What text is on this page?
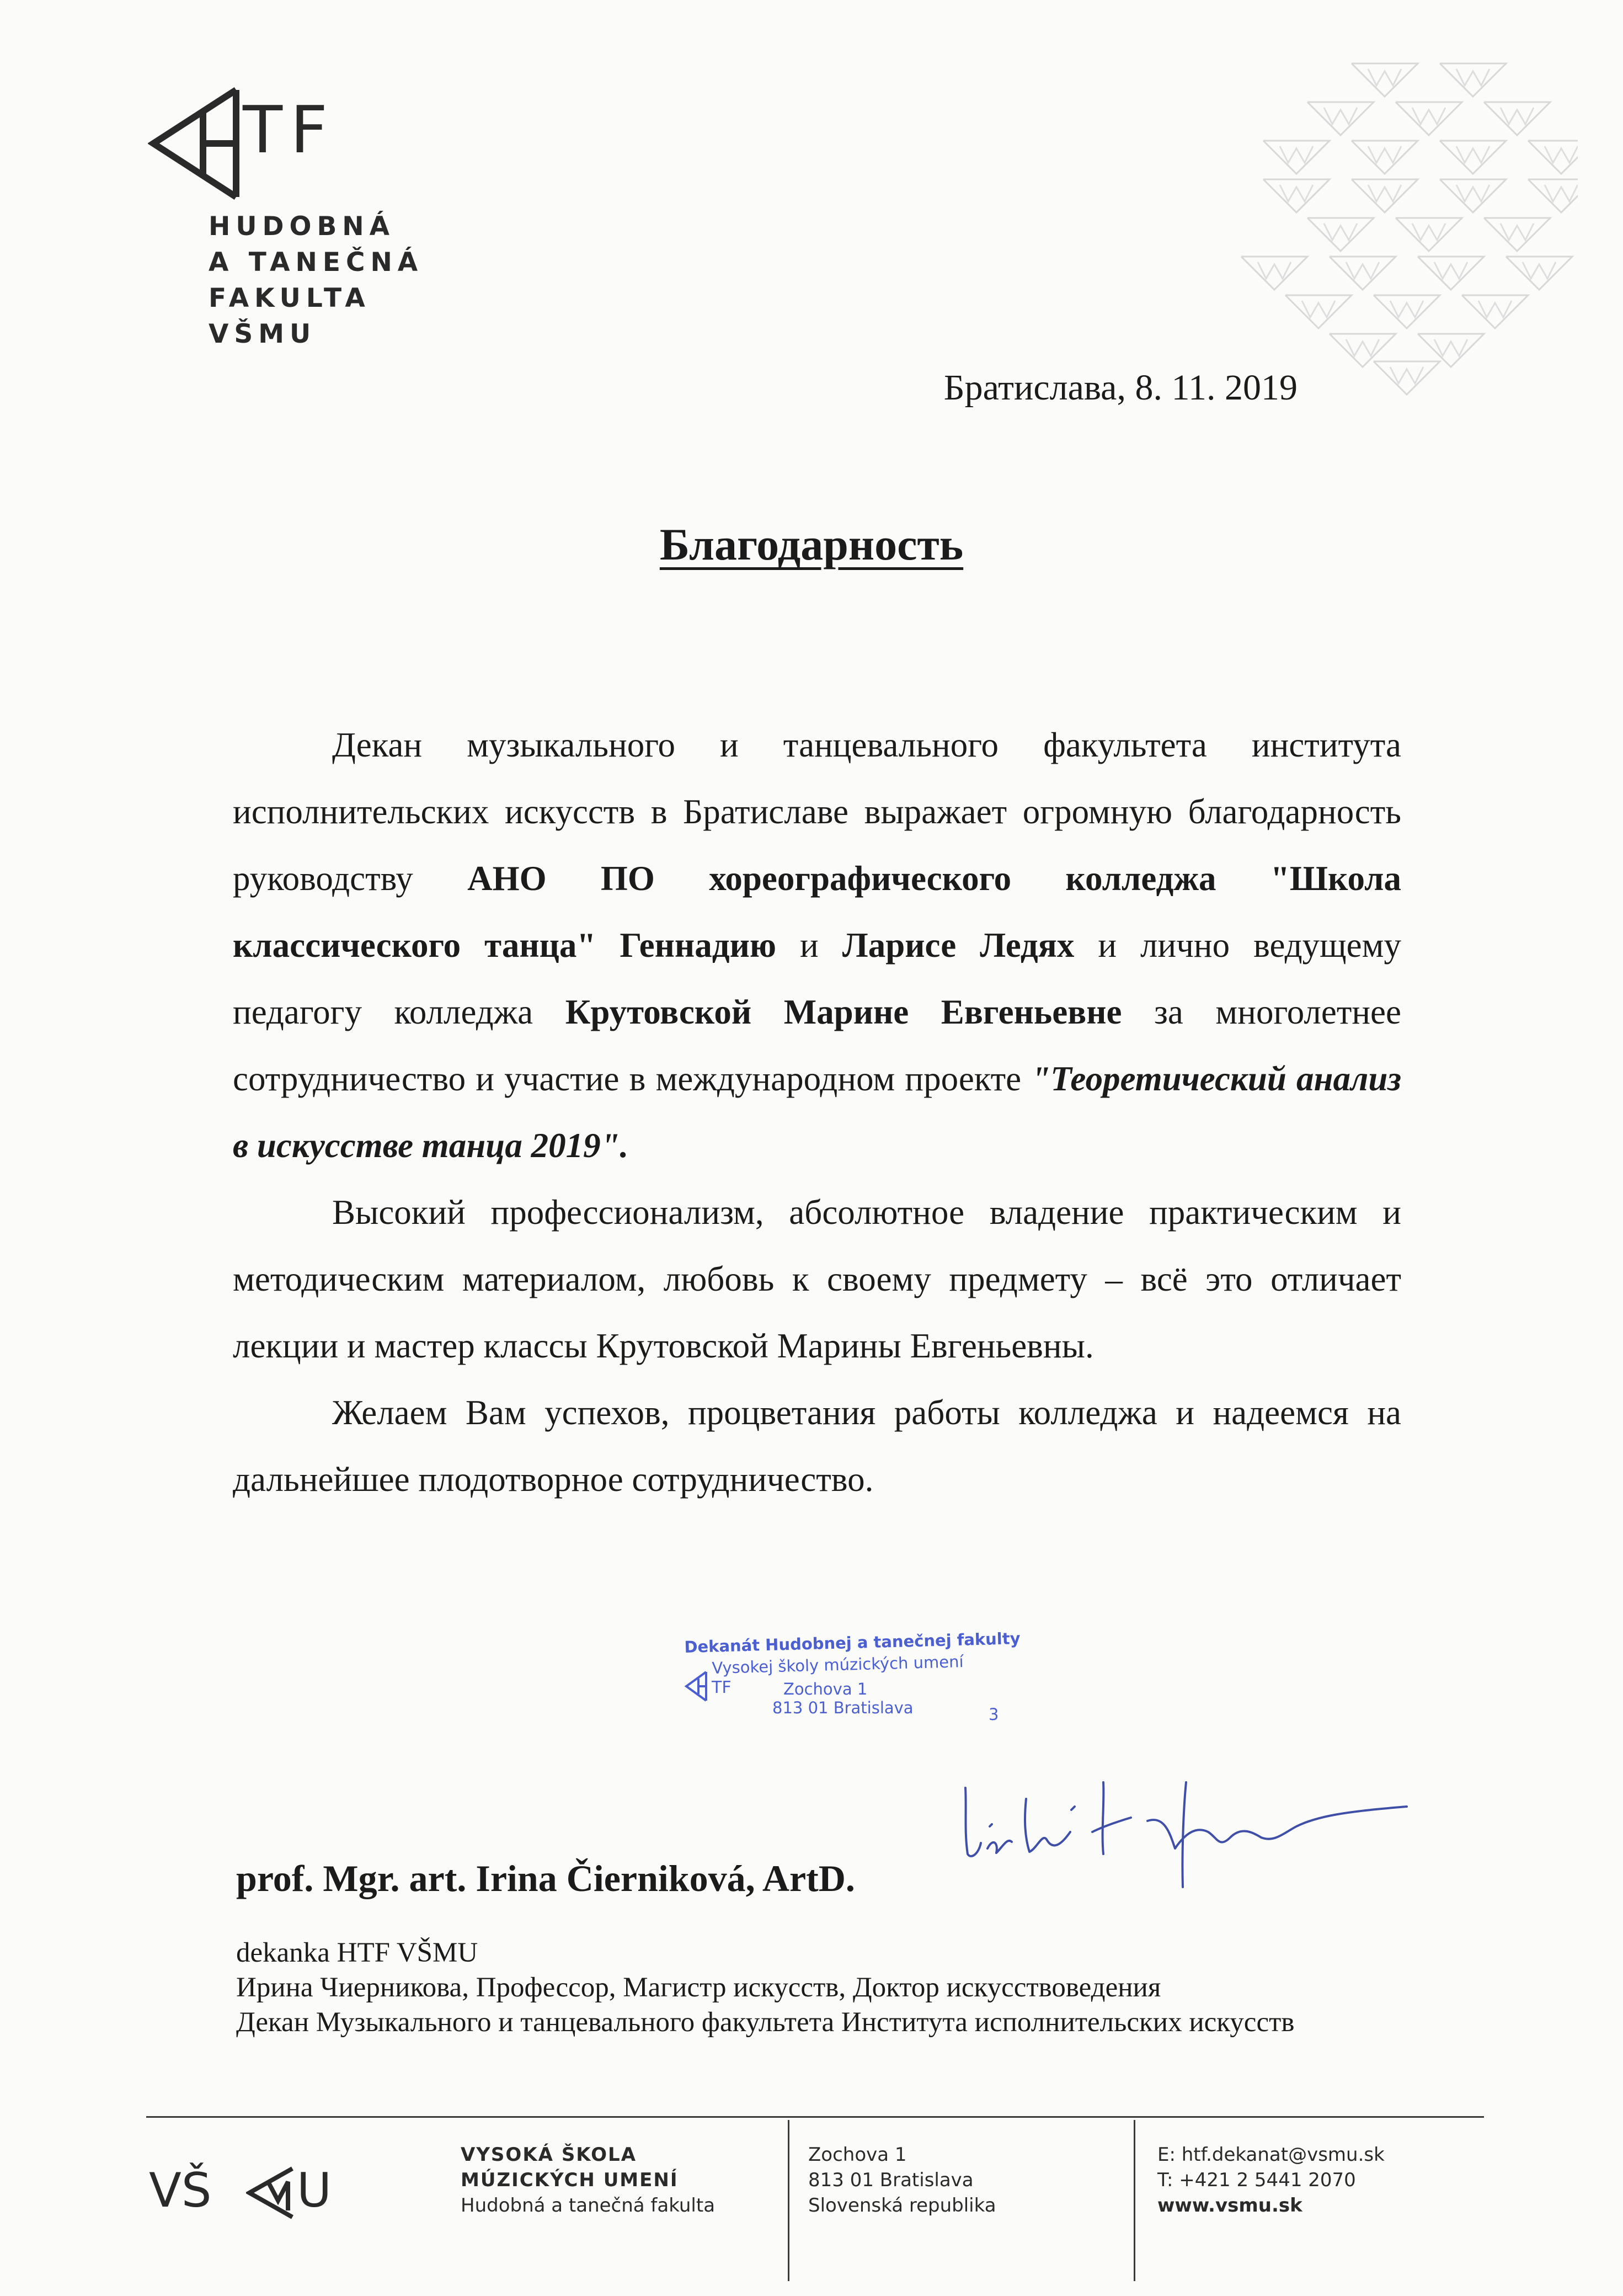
TF
HUDOBNÁ
A TANEČNÁ
FAKULTA
VŠMU
Братислава, 8. 11. 2019
Благодарность

Декан музыкального и танцевального факультета института исполнительских искусств в Братиславе выражает огромную благодарность руководству АНО ПО хореографического колледжа "Школа классического танца" Геннадию и Ларисе Ледях и лично ведущему педагогу колледжа Крутовской Марине Евгеньевне за многолетнее сотрудничество и участие в международном проекте "Теоретический анализ в искусстве танца 2019".

Высокий профессионализм, абсолютное владение практическим и методическим материалом, любовь к своему предмету – всё это отличает лекции и мастер классы Крутовской Марины Евгеньевны.

Желаем Вам успехов, процветания работы колледжа и надеемся на дальнейшее плодотворное сотрудничество.

Dekanát Hudobnej a tanečnej fakulty
Vysokej školy múzických umení
TF	Zochova 1
813 01 Bratislava	3
prof. Mgr. art. Irina Čierniková, ArtD.
dekanka HTF VŠMU
Ирина Чиерникова, Профессор, Магистр искусств, Доктор искусствоведения
Декан Музыкального и танцевального факультета Института исполнительских искусств
VŠ U
VYSOKÁ ŠKOLA
MÚZICKÝCH UMENÍ
Hudobná a tanečná fakulta
Zochova 1
813 01 Bratislava
Slovenská republika
E: htf.dekanat@vsmu.sk
T: +421 2 5441 2070
www.vsmu.sk
